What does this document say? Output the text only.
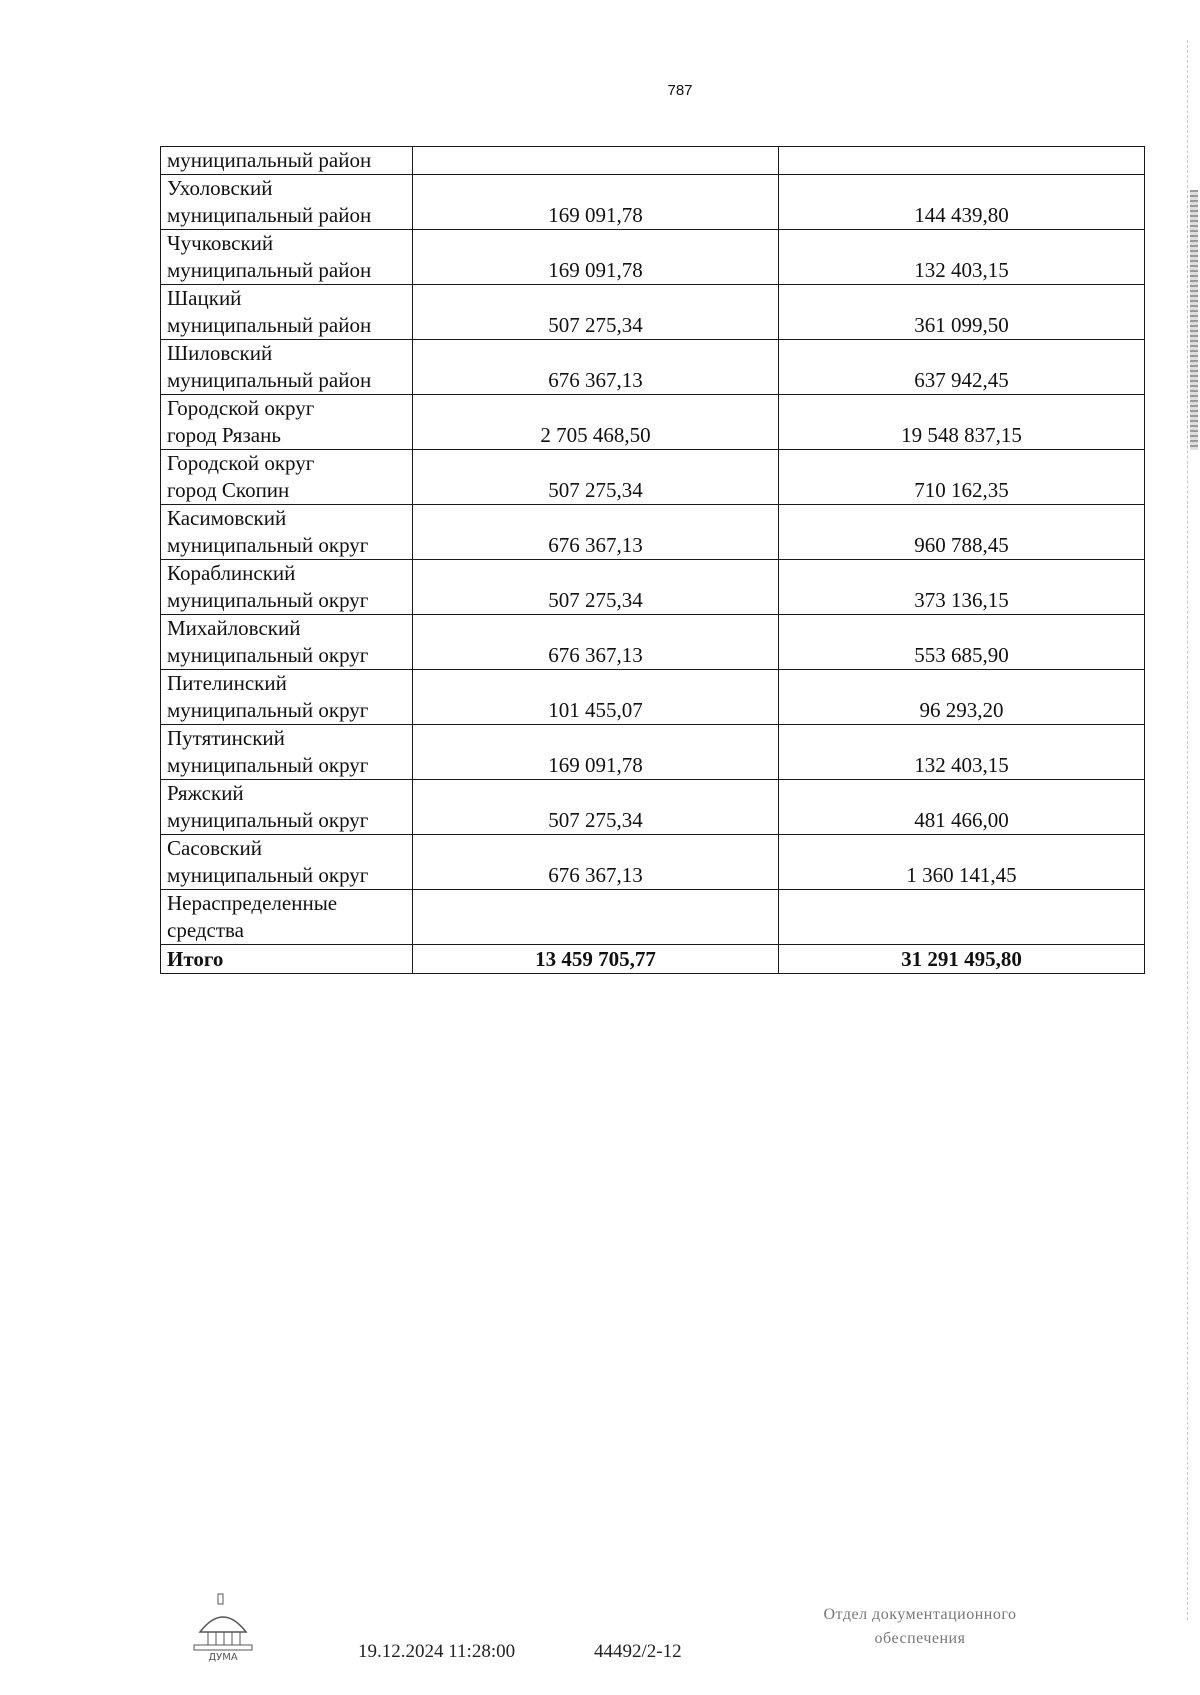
787
муниципальный район		

Ухоловский
муниципальный район	169 091,78	144 439,80

Чучковский
муниципальный район	169 091,78	132 403,15

Шацкий
муниципальный район	507 275,34	361 099,50

Шиловский
муниципальный район	676 367,13	637 942,45

Городской округ
город Рязань	2 705 468,50	19 548 837,15

Городской округ
город Скопин	507 275,34	710 162,35

Касимовский
муниципальный округ	676 367,13	960 788,45

Кораблинский
муниципальный округ	507 275,34	373 136,15

Михайловский
муниципальный округ	676 367,13	553 685,90

Пителинский
муниципальный округ	101 455,07	96 293,20

Путятинский
муниципальный округ	169 091,78	132 403,15

Ряжский
муниципальный округ	507 275,34	481 466,00

Сасовский
муниципальный округ	676 367,13	1 360 141,45

Нераспределенные
средства		

Итого	13 459 705,77	31 291 495,80
ДУМА	19.12.2024 11:28:00	44492/2-12
Отдел документационного
обеспечения
